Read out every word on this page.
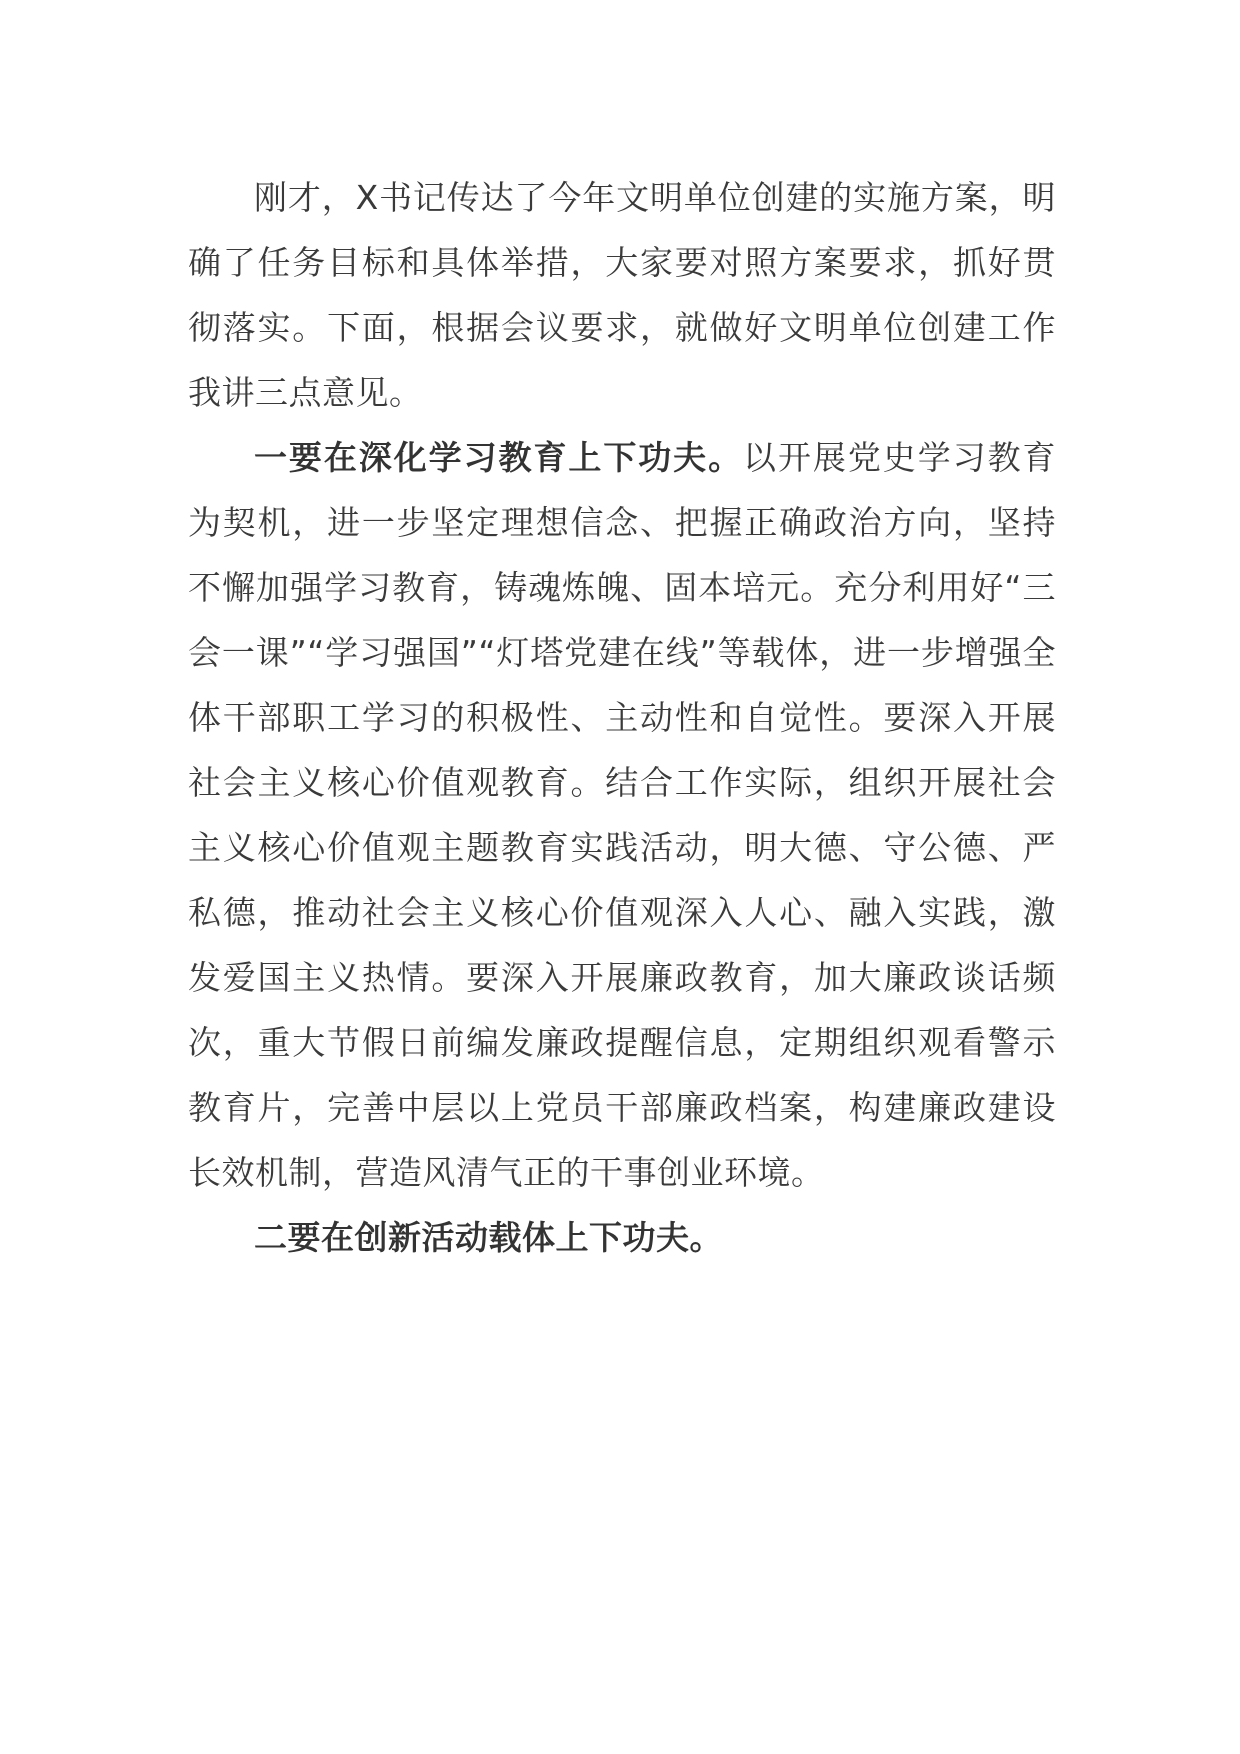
刚才，X书记传达了今年文明单位创建的实施方案，明确了任务目标和具体举措，大家要对照方案要求，抓好贯彻落实。下面，根据会议要求，就做好文明单位创建工作我讲三点意见。

一要在深化学习教育上下功夫。以开展党史学习教育为契机，进一步坚定理想信念、把握正确政治方向，坚持不懈加强学习教育，铸魂炼魄、固本培元。充分利用好“三会一课”“学习强国”“灯塔党建在线”等载体，进一步增强全体干部职工学习的积极性、主动性和自觉性。要深入开展社会主义核心价值观教育。结合工作实际，组织开展社会主义核心价值观主题教育实践活动，明大德、守公德、严私德，推动社会主义核心价值观深入人心、融入实践，激发爱国主义热情。要深入开展廉政教育，加大廉政谈话频次，重大节假日前编发廉政提醒信息，定期组织观看警示教育片，完善中层以上党员干部廉政档案，构建廉政建设长效机制，营造风清气正的干事创业环境。

二要在创新活动载体上下功夫。
